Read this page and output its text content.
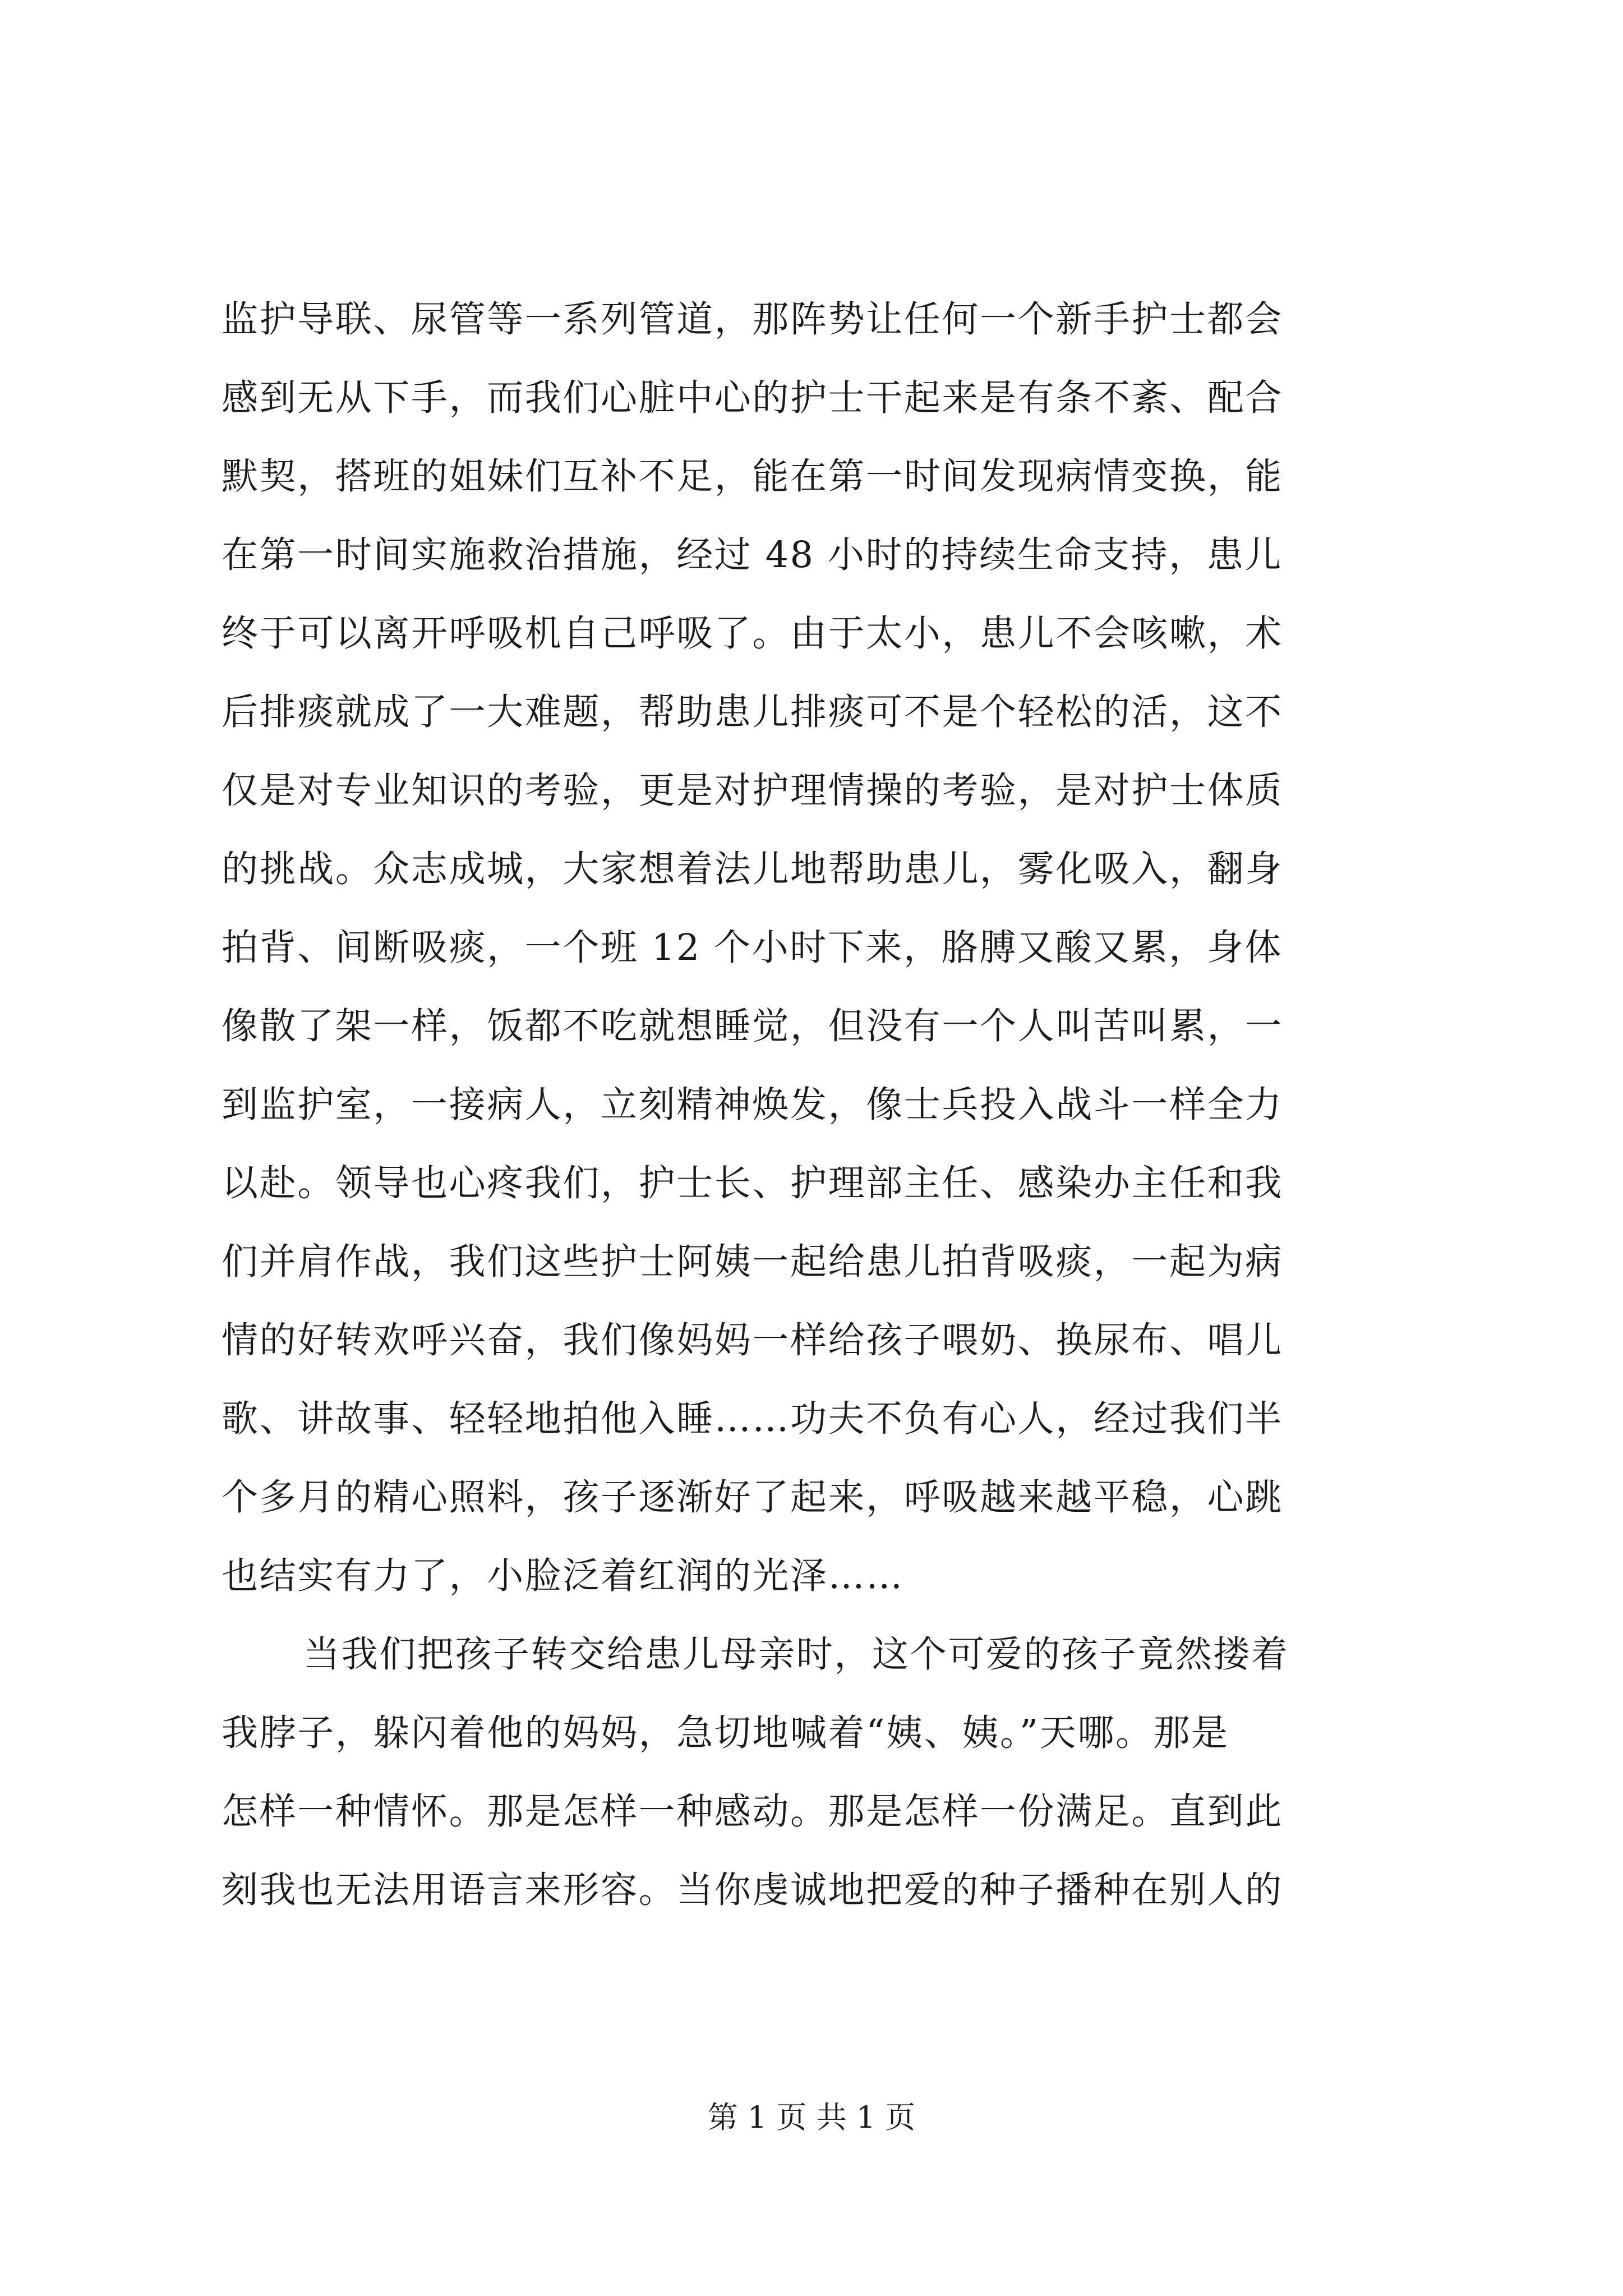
监护导联、尿管等一系列管道，那阵势让任何一个新手护士都会
感到无从下手，而我们心脏中心的护士干起来是有条不紊、配合
默契，搭班的姐妹们互补不足，能在第一时间发现病情变换，能
在第一时间实施救治措施，经过 48 小时的持续生命支持，患儿
终于可以离开呼吸机自己呼吸了。由于太小，患儿不会咳嗽，术
后排痰就成了一大难题，帮助患儿排痰可不是个轻松的活，这不
仅是对专业知识的考验，更是对护理情操的考验，是对护士体质
的挑战。众志成城，大家想着法儿地帮助患儿，雾化吸入，翻身
拍背、间断吸痰，一个班 12 个小时下来，胳膊又酸又累，身体
像散了架一样，饭都不吃就想睡觉，但没有一个人叫苦叫累，一
到监护室，一接病人，立刻精神焕发，像士兵投入战斗一样全力
以赴。领导也心疼我们，护士长、护理部主任、感染办主任和我
们并肩作战，我们这些护士阿姨一起给患儿拍背吸痰，一起为病
情的好转欢呼兴奋，我们像妈妈一样给孩子喂奶、换尿布、唱儿
歌、讲故事、轻轻地拍他入睡……功夫不负有心人，经过我们半
个多月的精心照料，孩子逐渐好了起来，呼吸越来越平稳，心跳
也结实有力了，小脸泛着红润的光泽……
当我们把孩子转交给患儿母亲时，这个可爱的孩子竟然搂着
我脖子，躲闪着他的妈妈，急切地喊着“姨、姨。”天哪。那是
怎样一种情怀。那是怎样一种感动。那是怎样一份满足。直到此
刻我也无法用语言来形容。当你虔诚地把爱的种子播种在别人的
第 1 页 共 1 页
